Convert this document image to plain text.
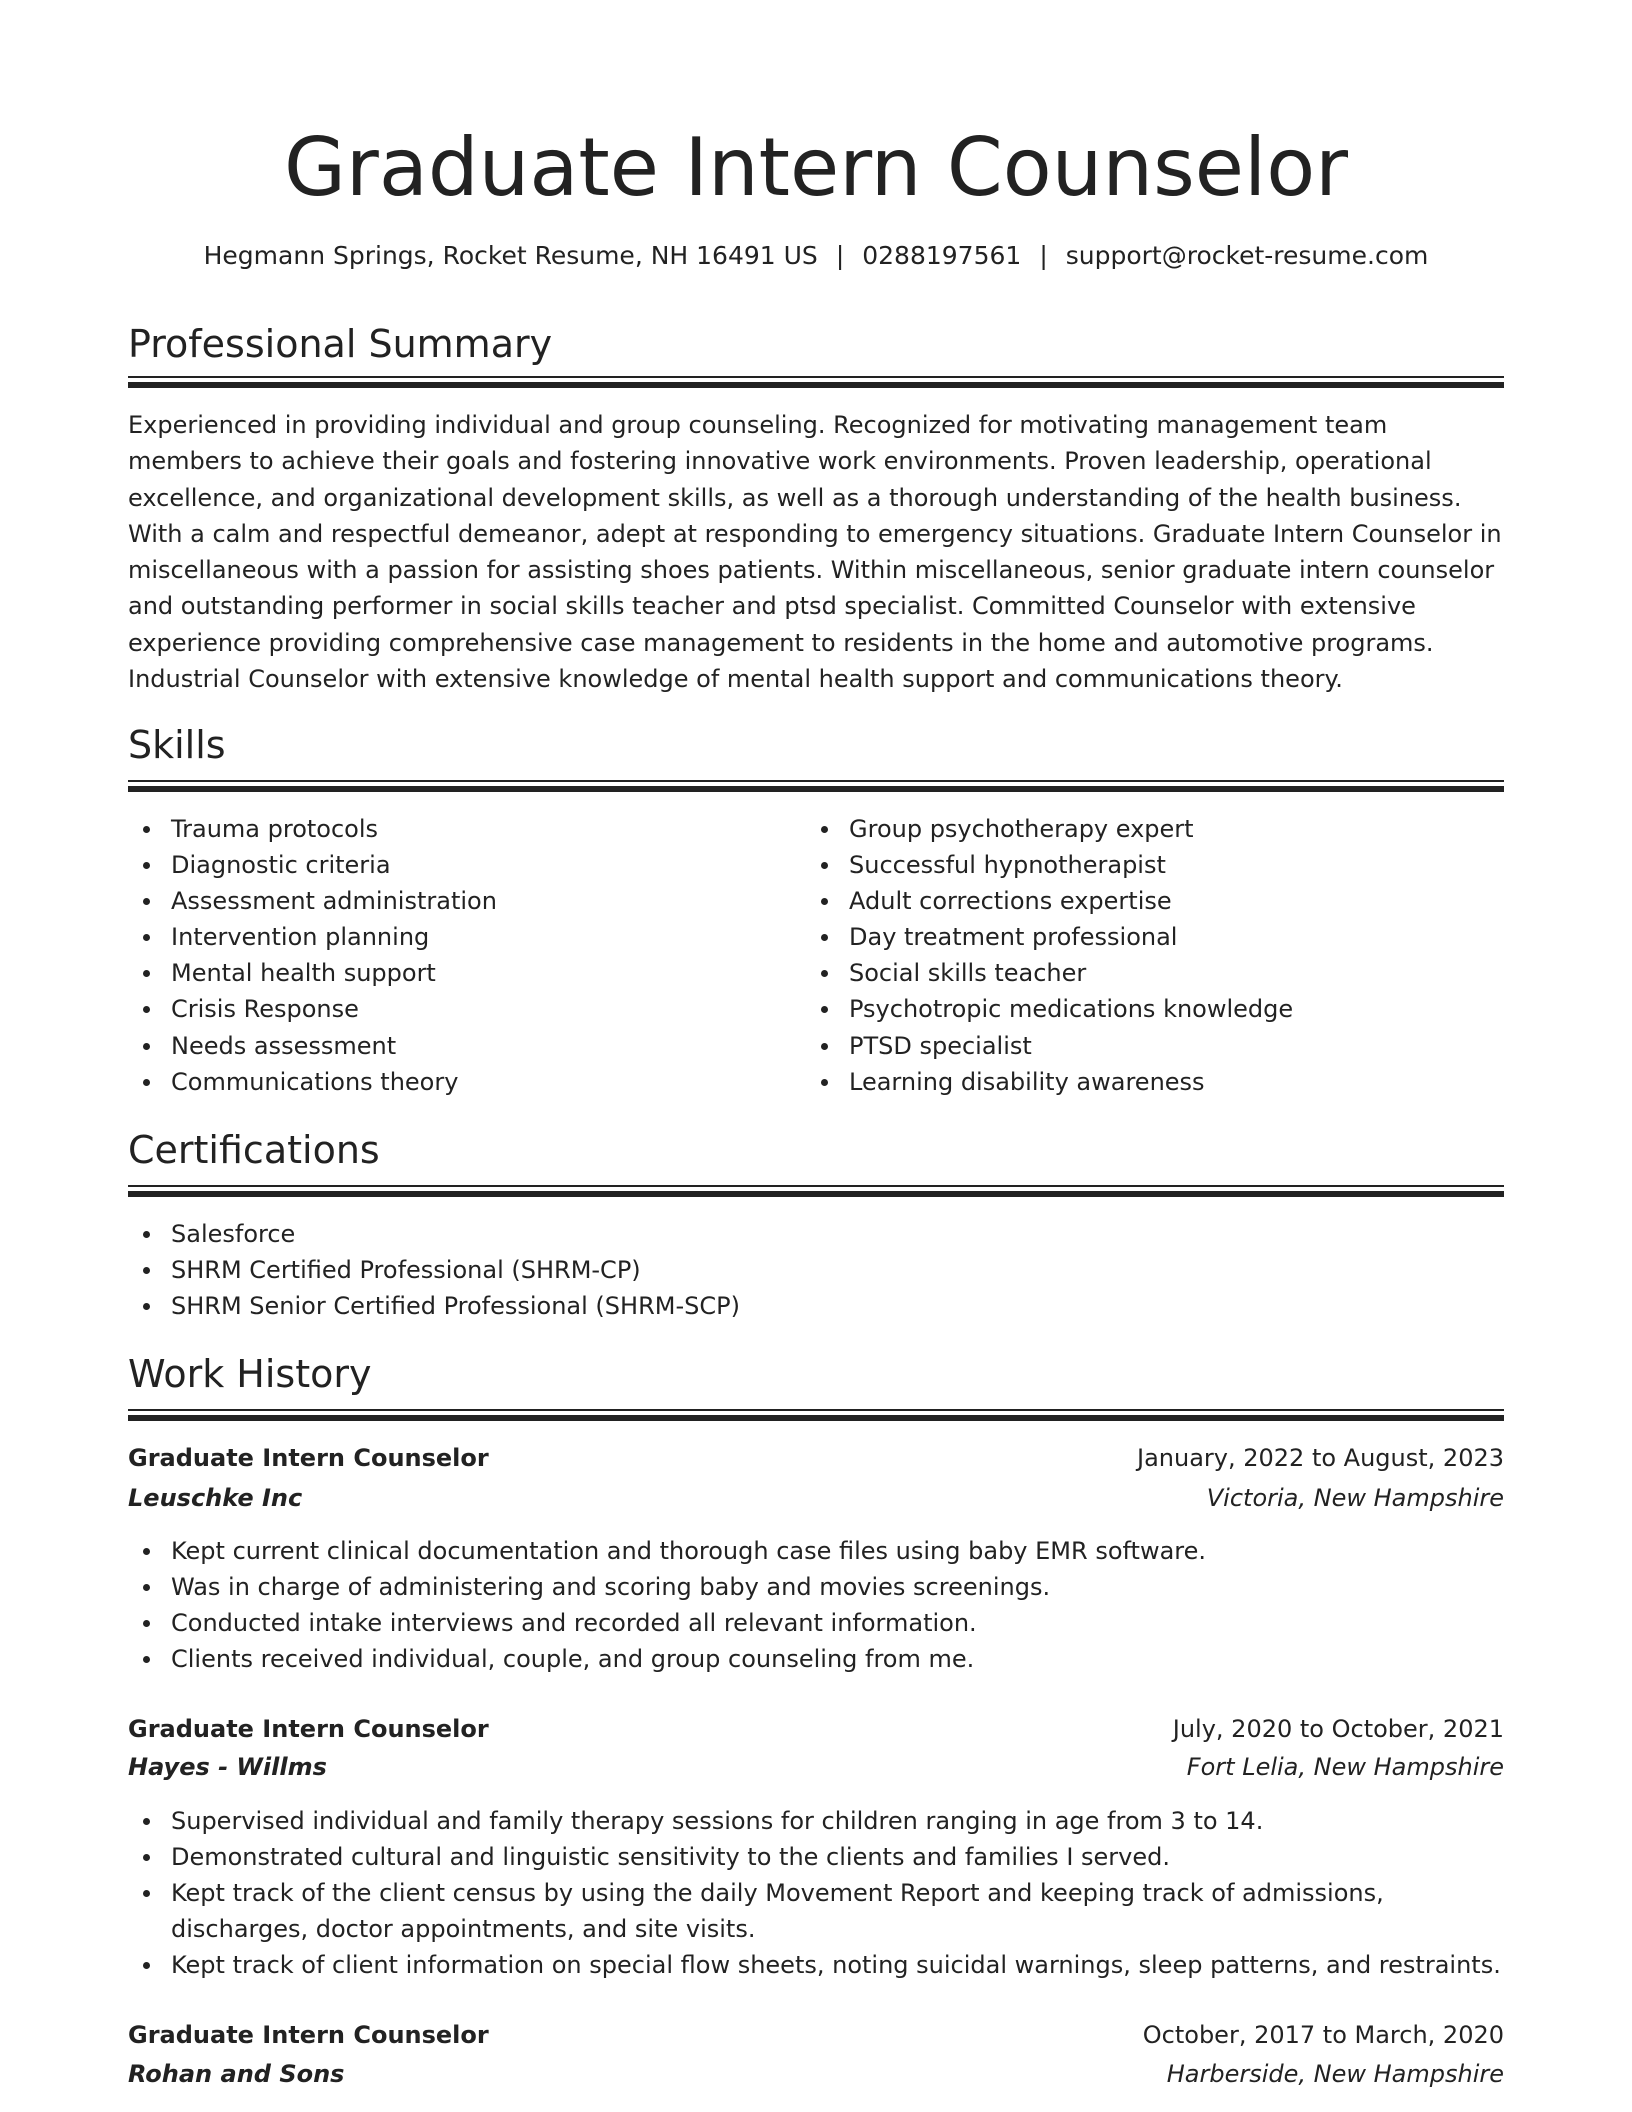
Graduate Intern Counselor
Hegmann Springs, Rocket Resume, NH 16491 US | 0288197561 | support@rocket-resume.com
Professional Summary

Experienced in providing individual and group counseling. Recognized for motivating management team members to achieve their goals and fostering innovative work environments. Proven leadership, operational excellence, and organizational development skills, as well as a thorough understanding of the health business. With a calm and respectful demeanor, adept at responding to emergency situations. Graduate Intern Counselor in miscellaneous with a passion for assisting shoes patients. Within miscellaneous, senior graduate intern counselor and outstanding performer in social skills teacher and ptsd specialist. Committed Counselor with extensive experience providing comprehensive case management to residents in the home and automotive programs. Industrial Counselor with extensive knowledge of mental health support and communications theory.

Skills
Trauma protocols
Diagnostic criteria
Assessment administration
Intervention planning
Mental health support
Crisis Response
Needs assessment
Communications theory
Group psychotherapy expert
Successful hypnotherapist
Adult corrections expertise
Day treatment professional
Social skills teacher
Psychotropic medications knowledge
PTSD specialist
Learning disability awareness
Certifications
Salesforce
SHRM Certified Professional (SHRM-CP)
SHRM Senior Certified Professional (SHRM-SCP)
Work History
Graduate Intern Counselor	January, 2022 to August, 2023
Leuschke Inc	Victoria, New Hampshire
Kept current clinical documentation and thorough case files using baby EMR software.
Was in charge of administering and scoring baby and movies screenings.
Conducted intake interviews and recorded all relevant information.
Clients received individual, couple, and group counseling from me.
Graduate Intern Counselor	July, 2020 to October, 2021
Hayes - Willms	Fort Lelia, New Hampshire
Supervised individual and family therapy sessions for children ranging in age from 3 to 14.
Demonstrated cultural and linguistic sensitivity to the clients and families I served.
Kept track of the client census by using the daily Movement Report and keeping track of admissions, discharges, doctor appointments, and site visits.
Kept track of client information on special flow sheets, noting suicidal warnings, sleep patterns, and restraints.
Graduate Intern Counselor	October, 2017 to March, 2020
Rohan and Sons	Harberside, New Hampshire
